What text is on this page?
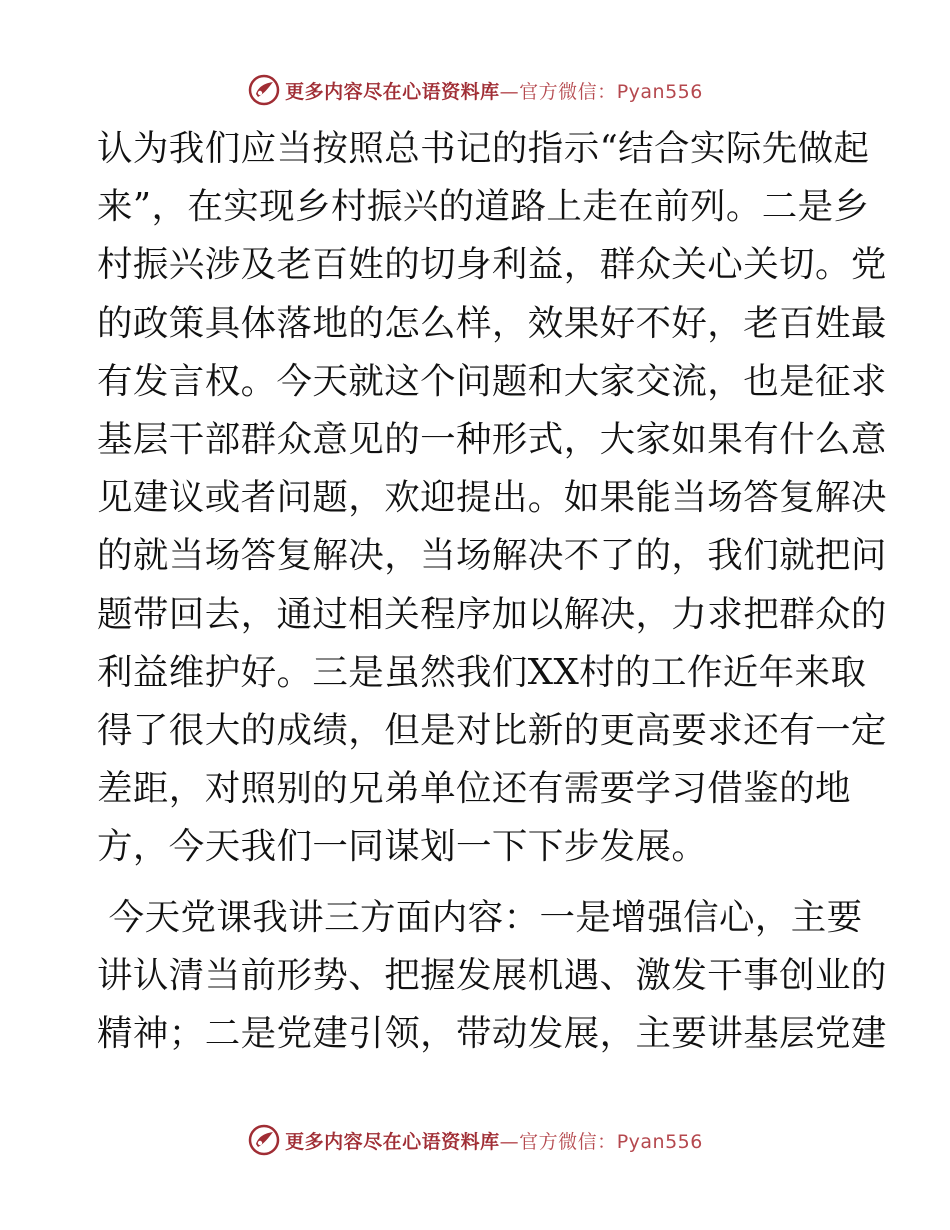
更多内容尽在心语资料库—官方微信：Pyan556

认为我们应当按照总书记的指示“结合实际先做起
来”，在实现乡村振兴的道路上走在前列。二是乡
村振兴涉及老百姓的切身利益，群众关心关切。党
的政策具体落地的怎么样，效果好不好，老百姓最
有发言权。今天就这个问题和大家交流，也是征求
基层干部群众意见的一种形式，大家如果有什么意
见建议或者问题，欢迎提出。如果能当场答复解决
的就当场答复解决，当场解决不了的，我们就把问
题带回去，通过相关程序加以解决，力求把群众的
利益维护好。三是虽然我们XX村的工作近年来取
得了很大的成绩，但是对比新的更高要求还有一定
差距，对照别的兄弟单位还有需要学习借鉴的地
方，今天我们一同谋划一下下步发展。

今天党课我讲三方面内容：一是增强信心，主要
讲认清当前形势、把握发展机遇、激发干事创业的
精神；二是党建引领，带动发展，主要讲基层党建

更多内容尽在心语资料库—官方微信：Pyan556
